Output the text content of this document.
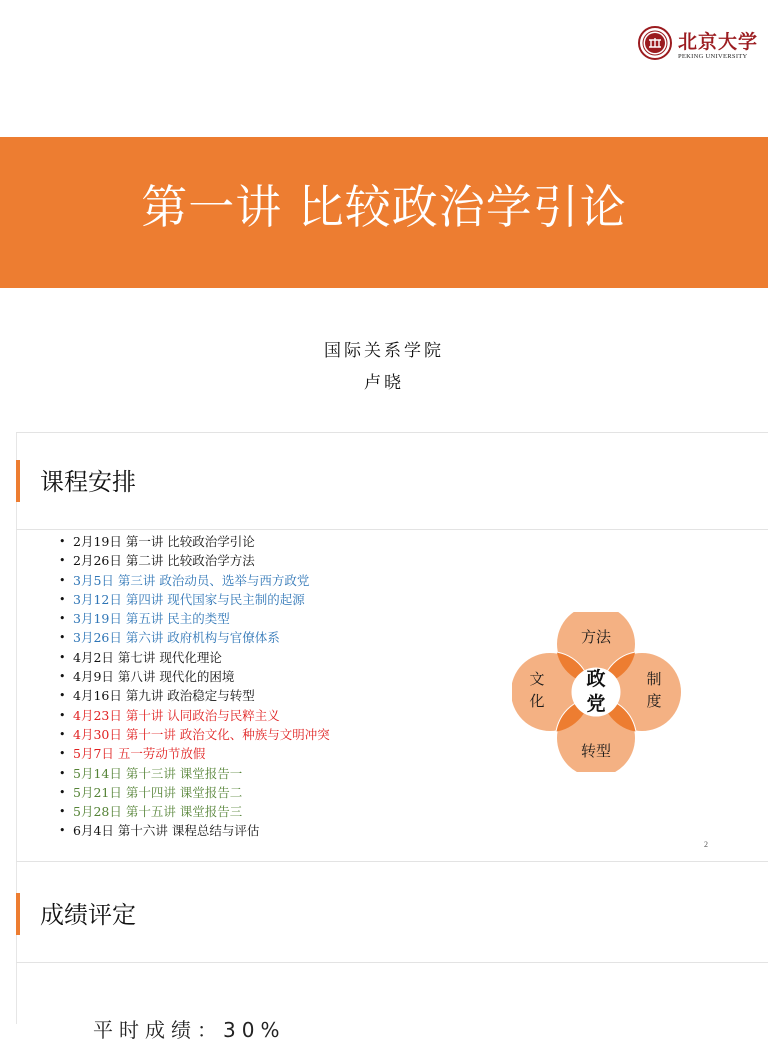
北京大学
PEKING UNIVERSITY
第一讲 比较政治学引论
国际关系学院
卢晓
课程安排
• 2月19日 第一讲 比较政治学引论
• 2月26日 第二讲 比较政治学方法
• 3月5日 第三讲 政治动员、选举与西方政党
• 3月12日 第四讲 现代国家与民主制的起源
• 3月19日 第五讲 民主的类型
• 3月26日 第六讲 政府机构与官僚体系
• 4月2日 第七讲 现代化理论
• 4月9日 第八讲 现代化的困境
• 4月16日 第九讲 政治稳定与转型
• 4月23日 第十讲 认同政治与民粹主义
• 4月30日 第十一讲 政治文化、种族与文明冲突
• 5月7日 五一劳动节放假
• 5月14日 第十三讲 课堂报告一
• 5月21日 第十四讲 课堂报告二
• 5月28日 第十五讲 课堂报告三
• 6月4日 第十六讲 课程总结与评估
方法
文化
制度
转型
政党
2
成绩评定
平时成绩：30%
